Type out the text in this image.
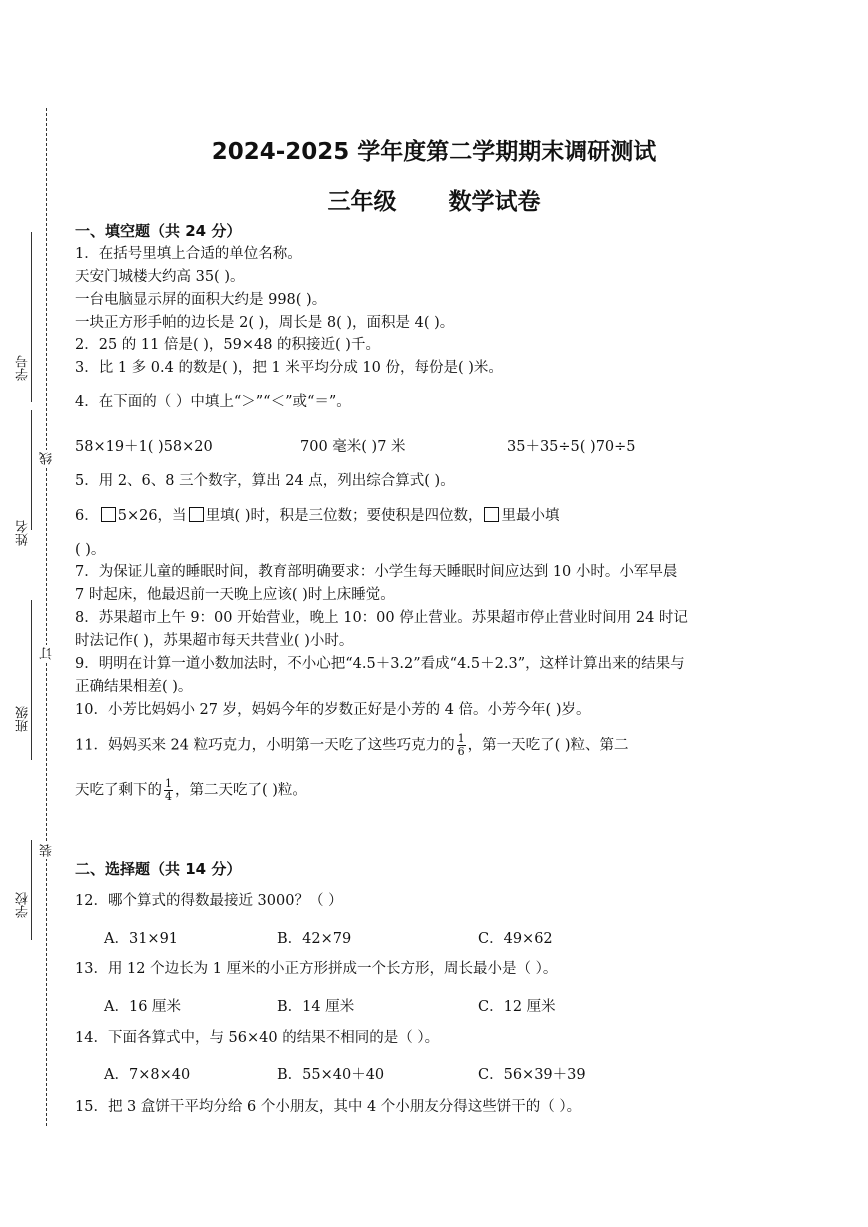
学号
姓名
班级
学校
线
订
装
2024-2025 学年度第二学期期末调研测试
三年级 数学试卷
一、填空题（共 24 分）
1．在括号里填上合适的单位名称。
天安门城楼大约高 35( )。
一台电脑显示屏的面积大约是 998( )。
一块正方形手帕的边长是 2( )，周长是 8( )，面积是 4( )。
2．25 的 11 倍是( )，59×48 的积接近( )千。
3．比 1 多 0.4 的数是( )，把 1 米平均分成 10 份，每份是( )米。
4．在下面的（ ）中填上“＞”“＜”或“＝”。
58×19＋1( )58×20	700 毫米( )7 米	35＋35÷5( )70÷5
5．用 2、6、8 三个数字，算出 24 点，列出综合算式( )。
6． 5×26，当 里填( )时，积是三位数；要使积是四位数， 里最小填
( )。
7．为保证儿童的睡眠时间，教育部明确要求：小学生每天睡眠时间应达到 10 小时。小军早晨
7 时起床，他最迟前一天晚上应该( )时上床睡觉。
8．苏果超市上午 9：00 开始营业，晚上 10：00 停止营业。苏果超市停止营业时间用 24 时记
时法记作( )，苏果超市每天共营业( )小时。
9．明明在计算一道小数加法时，不小心把“4.5＋3.2”看成“4.5＋2.3”，这样计算出来的结果与
正确结果相差( )。
10．小芳比妈妈小 27 岁，妈妈今年的岁数正好是小芳的 4 倍。小芳今年( )岁。
11．妈妈买来 24 粒巧克力，小明第一天吃了这些巧克力的 $\frac{1}{6}$ ，第一天吃了( )粒、第二
天吃了剩下的 $\frac{1}{4}$ ，第二天吃了( )粒。
二、选择题（共 14 分）
12．哪个算式的得数最接近 3000？（ ）
A．31×91	B．42×79	C．49×62
13．用 12 个边长为 1 厘米的小正方形拼成一个长方形，周长最小是（ ）。
A．16 厘米	B．14 厘米	C．12 厘米
14．下面各算式中，与 56×40 的结果不相同的是（ ）。
A．7×8×40	B．55×40＋40	C．56×39＋39
15．把 3 盒饼干平均分给 6 个小朋友，其中 4 个小朋友分得这些饼干的（ ）。
